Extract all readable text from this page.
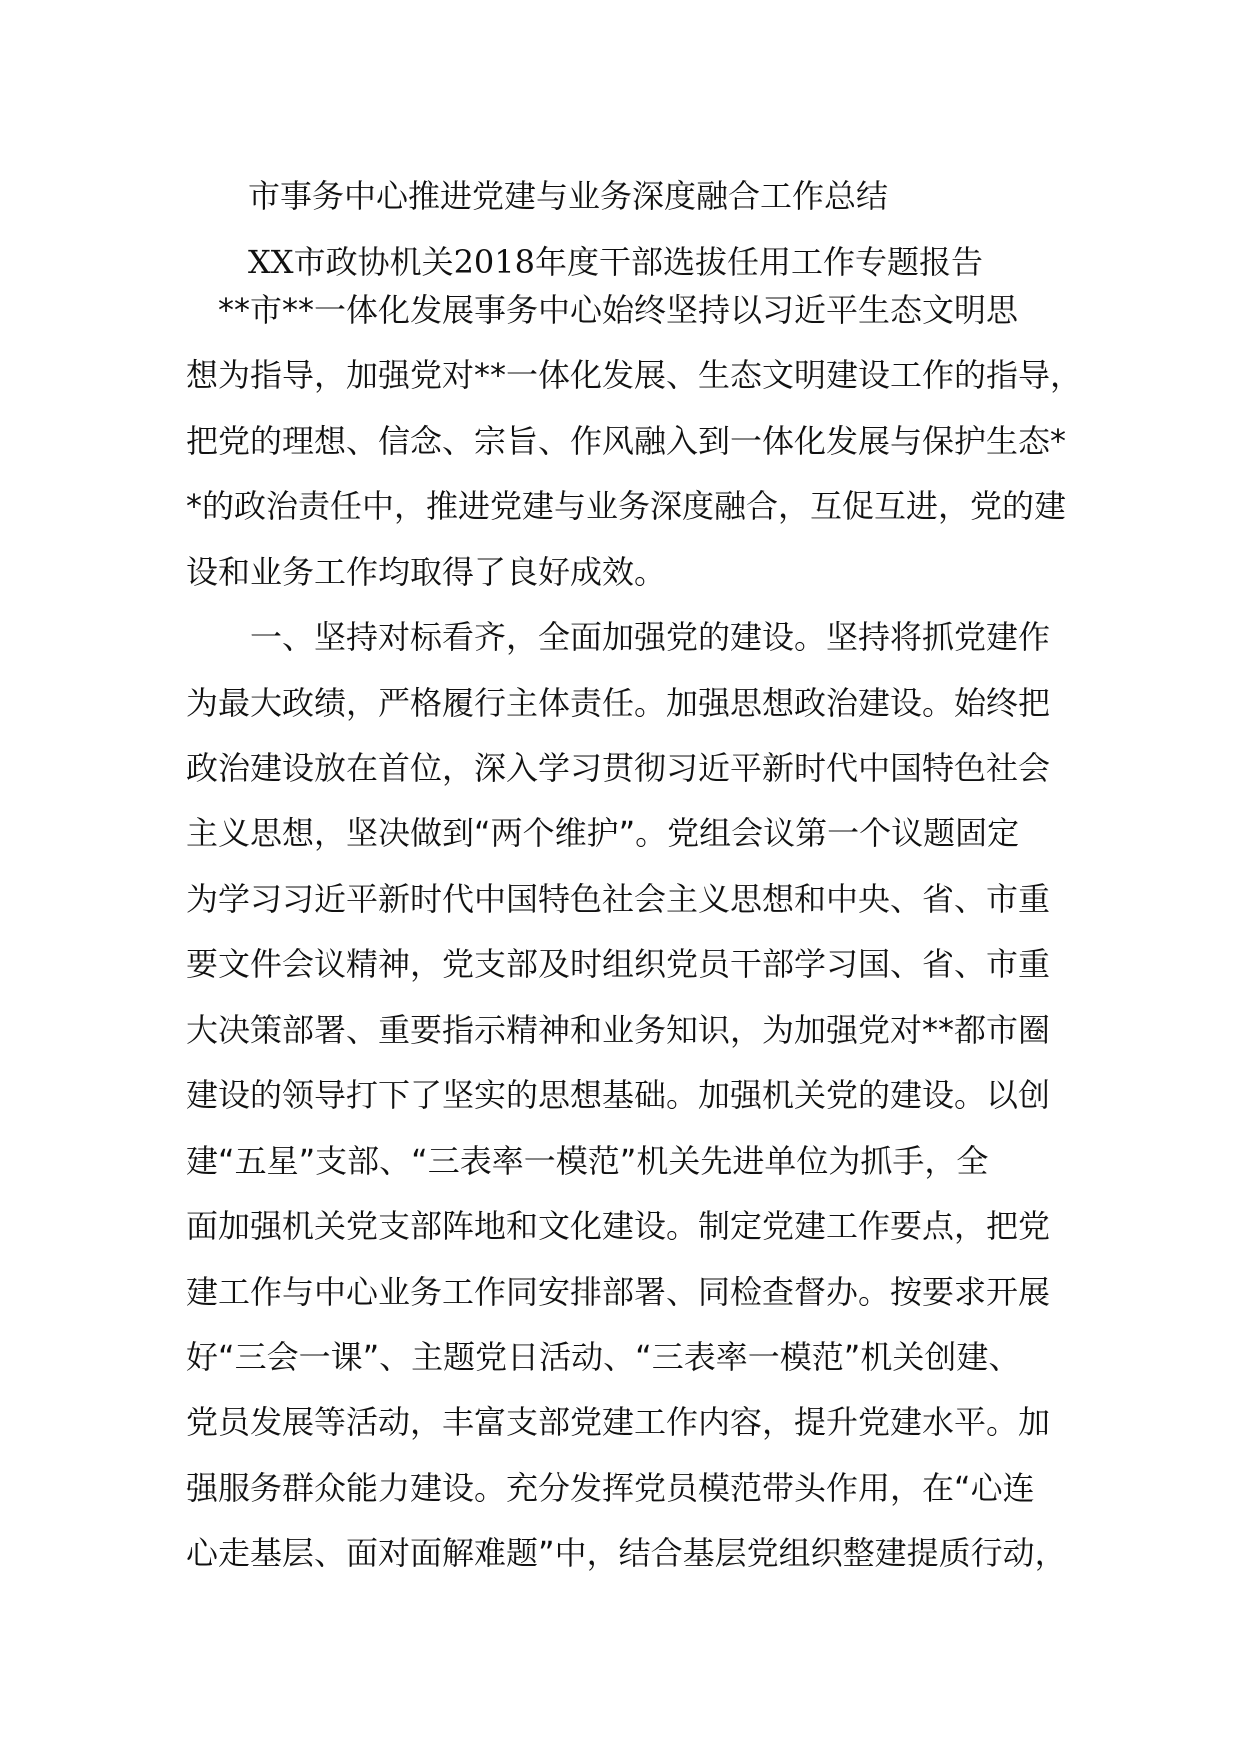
市事务中心推进党建与业务深度融合工作总结
XX市政协机关2018年度干部选拔任用工作专题报告
　**市**一体化发展事务中心始终坚持以习近平生态文明思
想为指导，加强党对**一体化发展、生态文明建设工作的指导，
把党的理想、信念、宗旨、作风融入到一体化发展与保护生态*
*的政治责任中，推进党建与业务深度融合，互促互进，党的建
设和业务工作均取得了良好成效。
　　一、坚持对标看齐，全面加强党的建设。坚持将抓党建作
为最大政绩，严格履行主体责任。加强思想政治建设。始终把
政治建设放在首位，深入学习贯彻习近平新时代中国特色社会
主义思想，坚决做到“两个维护”。党组会议第一个议题固定
为学习习近平新时代中国特色社会主义思想和中央、省、市重
要文件会议精神，党支部及时组织党员干部学习国、省、市重
大决策部署、重要指示精神和业务知识，为加强党对**都市圈
建设的领导打下了坚实的思想基础。加强机关党的建设。以创
建“五星”支部、“三表率一模范”机关先进单位为抓手，全
面加强机关党支部阵地和文化建设。制定党建工作要点，把党
建工作与中心业务工作同安排部署、同检查督办。按要求开展
好“三会一课”、主题党日活动、“三表率一模范”机关创建、
党员发展等活动，丰富支部党建工作内容，提升党建水平。加
强服务群众能力建设。充分发挥党员模范带头作用，在“心连
心走基层、面对面解难题”中，结合基层党组织整建提质行动，
